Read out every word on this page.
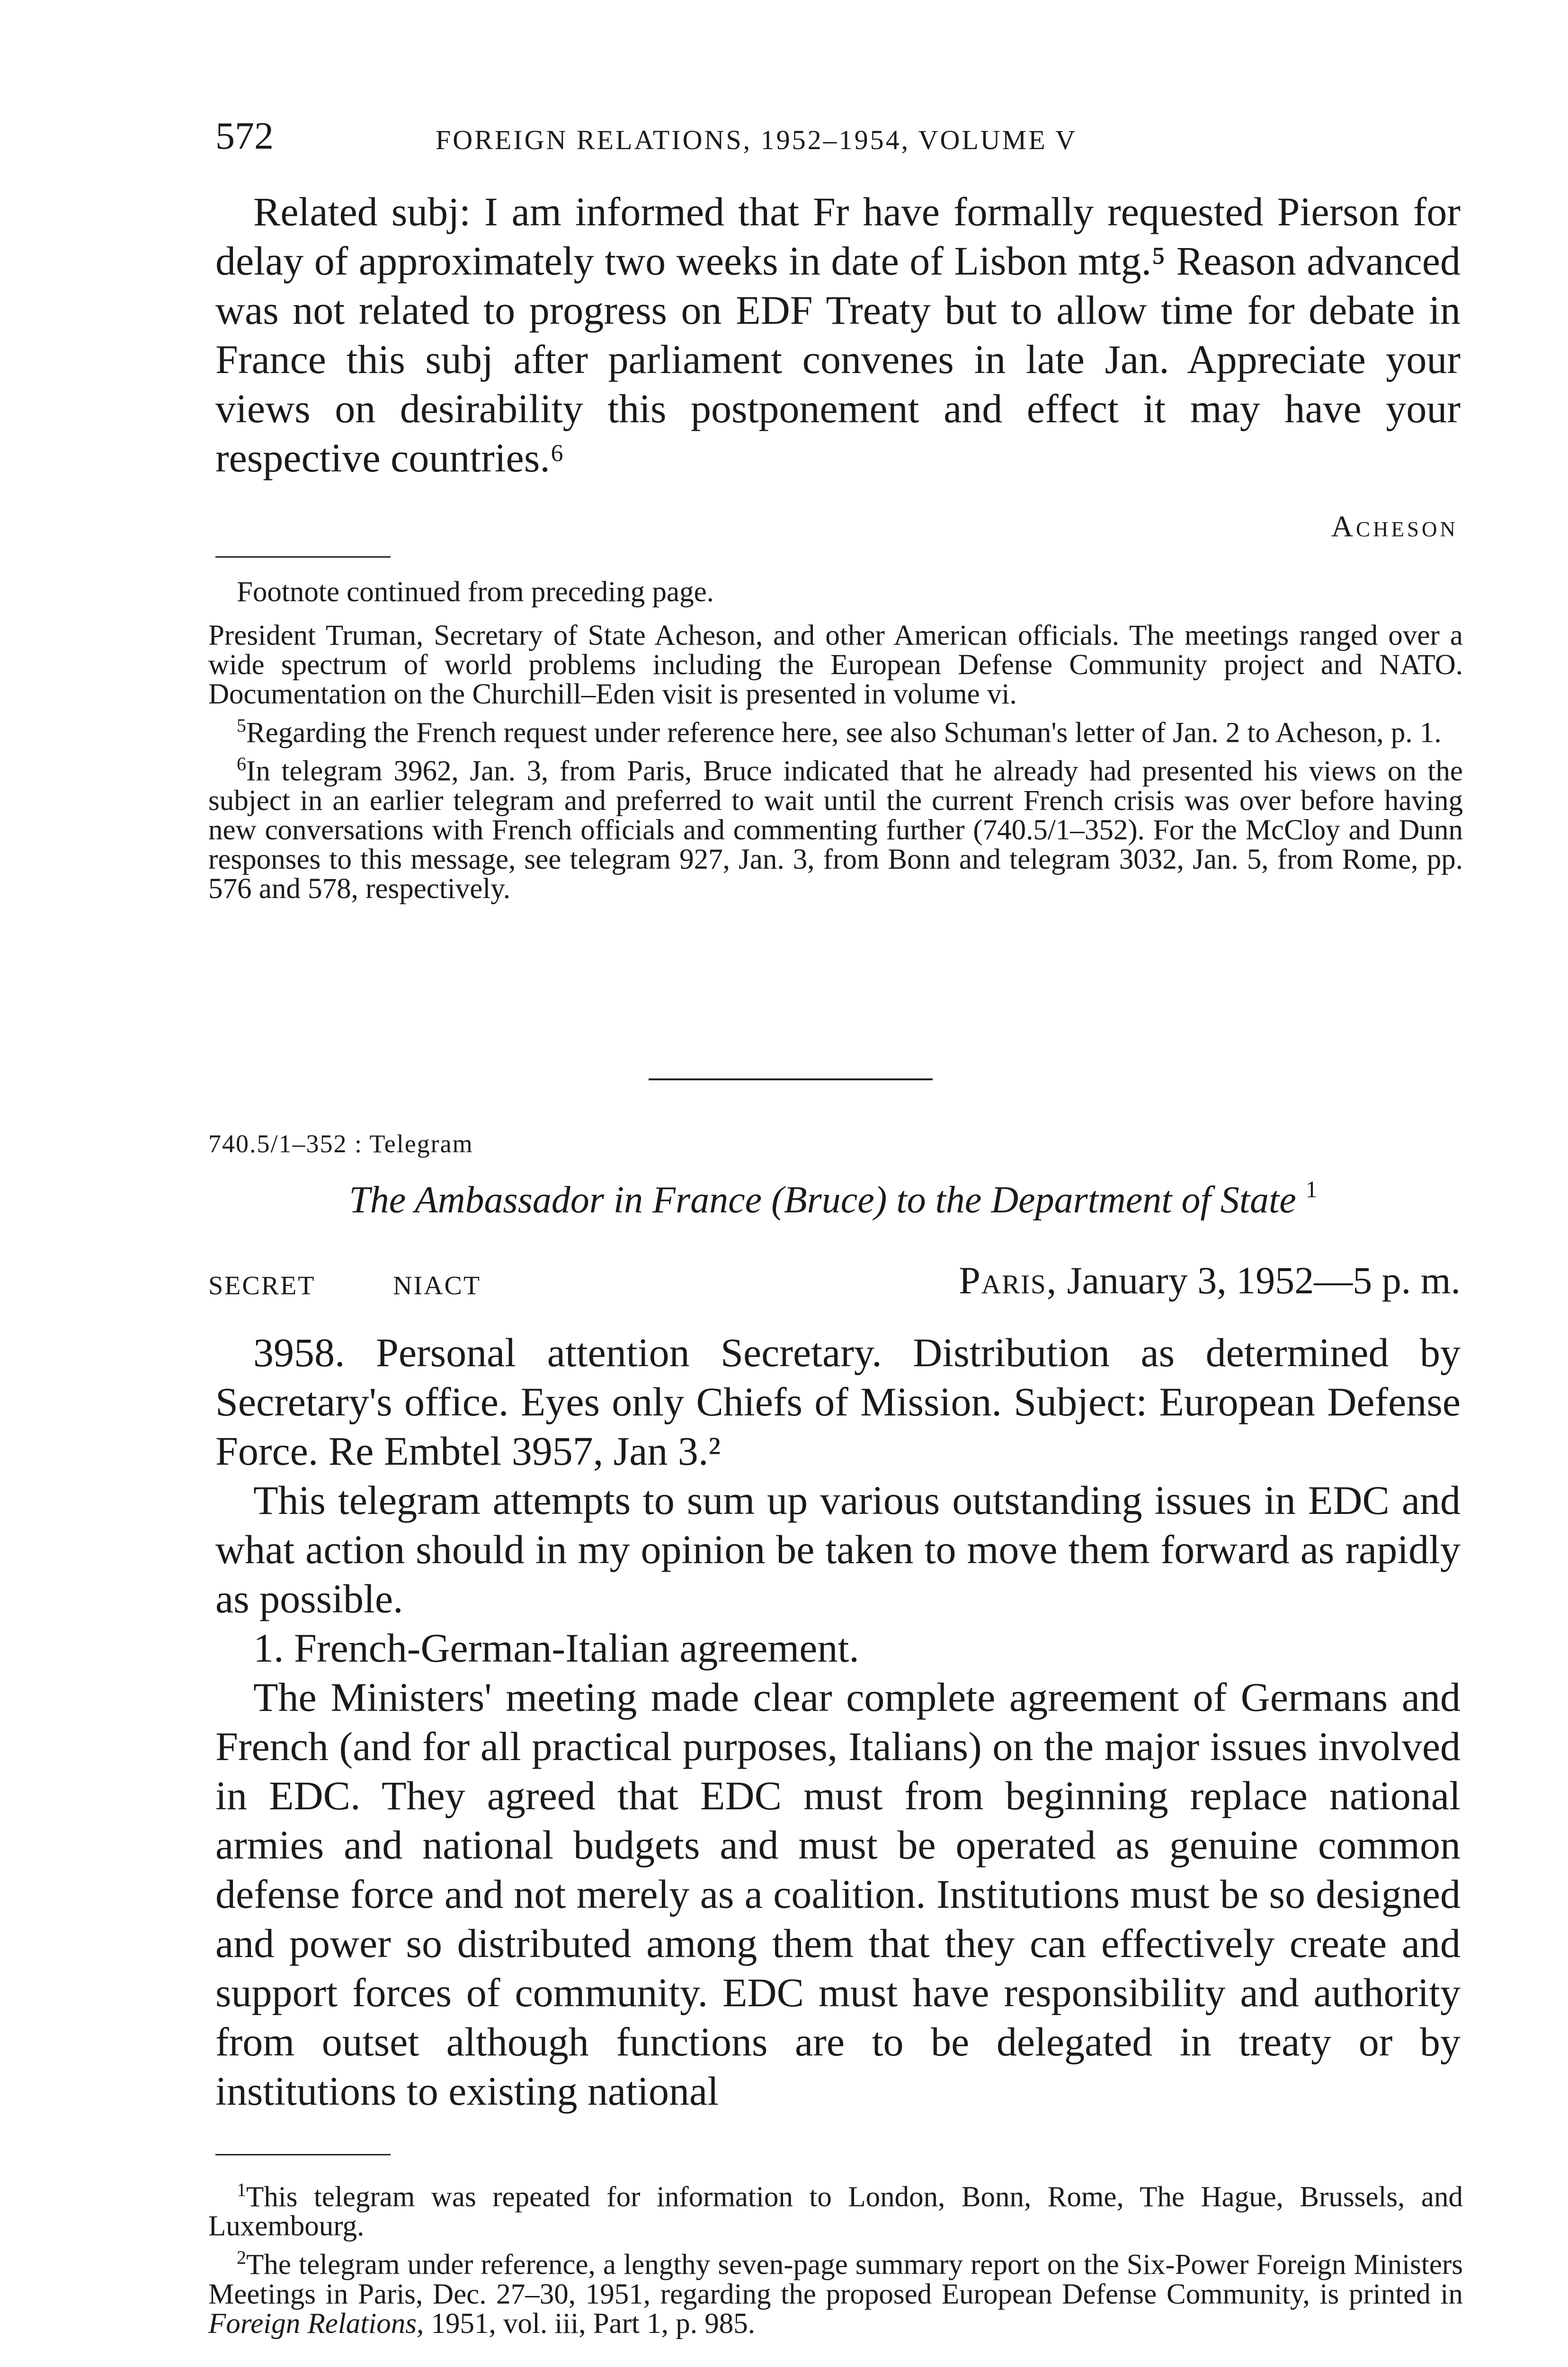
572	FOREIGN RELATIONS, 1952–1954, VOLUME V

Related subj: I am informed that Fr have formally requested Pierson for delay of approximately two weeks in date of Lisbon mtg.⁵ Reason advanced was not related to progress on EDF Treaty but to allow time for debate in France this subj after parliament convenes in late Jan. Appreciate your views on desirability this postponement and effect it may have your respective countries.⁶

Acheson

Footnote continued from preceding page.

President Truman, Secretary of State Acheson, and other American officials. The meetings ranged over a wide spectrum of world problems including the European Defense Community project and NATO. Documentation on the Churchill–Eden visit is presented in volume vi.

$^5$Regarding the French request under reference here, see also Schuman's letter of Jan. 2 to Acheson, p. 1.

$^6$In telegram 3962, Jan. 3, from Paris, Bruce indicated that he already had presented his views on the subject in an earlier telegram and preferred to wait until the current French crisis was over before having new conversations with French officials and commenting further (740.5/1–352). For the McCloy and Dunn responses to this message, see telegram 927, Jan. 3, from Bonn and telegram 3032, Jan. 5, from Rome, pp. 576 and 578, respectively.

740.5/1–352 : Telegram
The Ambassador in France (Bruce) to the Department of State $^1$
SECRET	NIACT	Paris, January 3, 1952—5 p. m.

3958. Personal attention Secretary. Distribution as determined by Secretary's office. Eyes only Chiefs of Mission. Subject: European Defense Force. Re Embtel 3957, Jan 3.²

This telegram attempts to sum up various outstanding issues in EDC and what action should in my opinion be taken to move them forward as rapidly as possible.

1. French-German-Italian agreement.

The Ministers' meeting made clear complete agreement of Germans and French (and for all practical purposes, Italians) on the major issues involved in EDC. They agreed that EDC must from beginning replace national armies and national budgets and must be operated as genuine common defense force and not merely as a coalition. Institutions must be so designed and power so distributed among them that they can effectively create and support forces of community. EDC must have responsibility and authority from outset although functions are to be delegated in treaty or by institutions to existing national

$^1$This telegram was repeated for information to London, Bonn, Rome, The Hague, Brussels, and Luxembourg.

$^2$The telegram under reference, a lengthy seven-page summary report on the Six-Power Foreign Ministers Meetings in Paris, Dec. 27–30, 1951, regarding the proposed European Defense Community, is printed in Foreign Relations, 1951, vol. iii, Part 1, p. 985.
